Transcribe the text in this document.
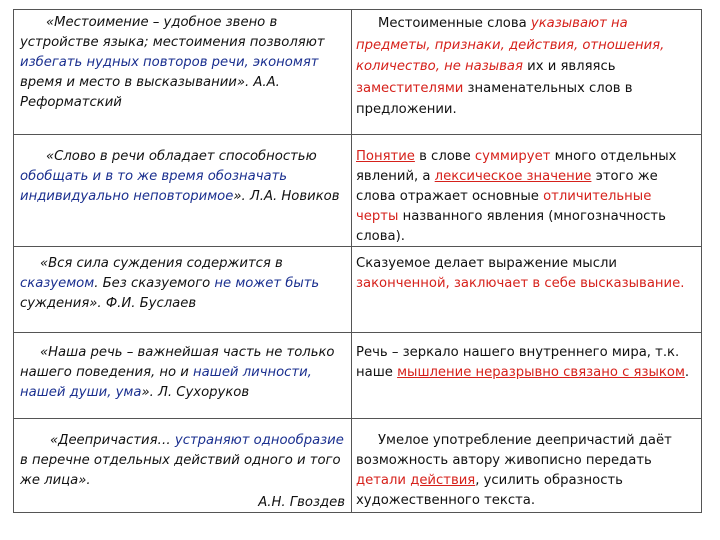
«Местоимение – удобное звено в устройстве языка; местоимения позволяют избегать нудных повторов речи, экономят время и место в высказывании». А.А. Реформатский
Местоименные слова указывают на предметы, признаки, действия, отношения, количество, не называя их и являясь заместителями знаменательных слов в предложении.
«Слово в речи обладает способностью обобщать и в то же время обозначать индивидуально неповторимое». Л.А. Новиков
Понятие в слове суммирует много отдельных явлений, а лексическое значение этого же слова отражает основные отличительные черты названного явления (многозначность слова).
«Вся сила суждения содержится в сказуемом. Без сказуемого не может быть суждения». Ф.И. Буслаев
Сказуемое делает выражение мысли законченной, заключает в себе высказывание.
«Наша речь – важнейшая часть не только нашего поведения, но и нашей личности, нашей души, ума». Л. Сухоруков
Речь – зеркало нашего внутреннего мира, т.к. наше мышление неразрывно связано с языком.
«Деепричастия… устраняют однообразие в перечне отдельных действий одного и того же лица».
А.Н. Гвоздев
Умелое употребление деепричастий даёт возможность автору живописно передать детали действия, усилить образность художественного текста.
